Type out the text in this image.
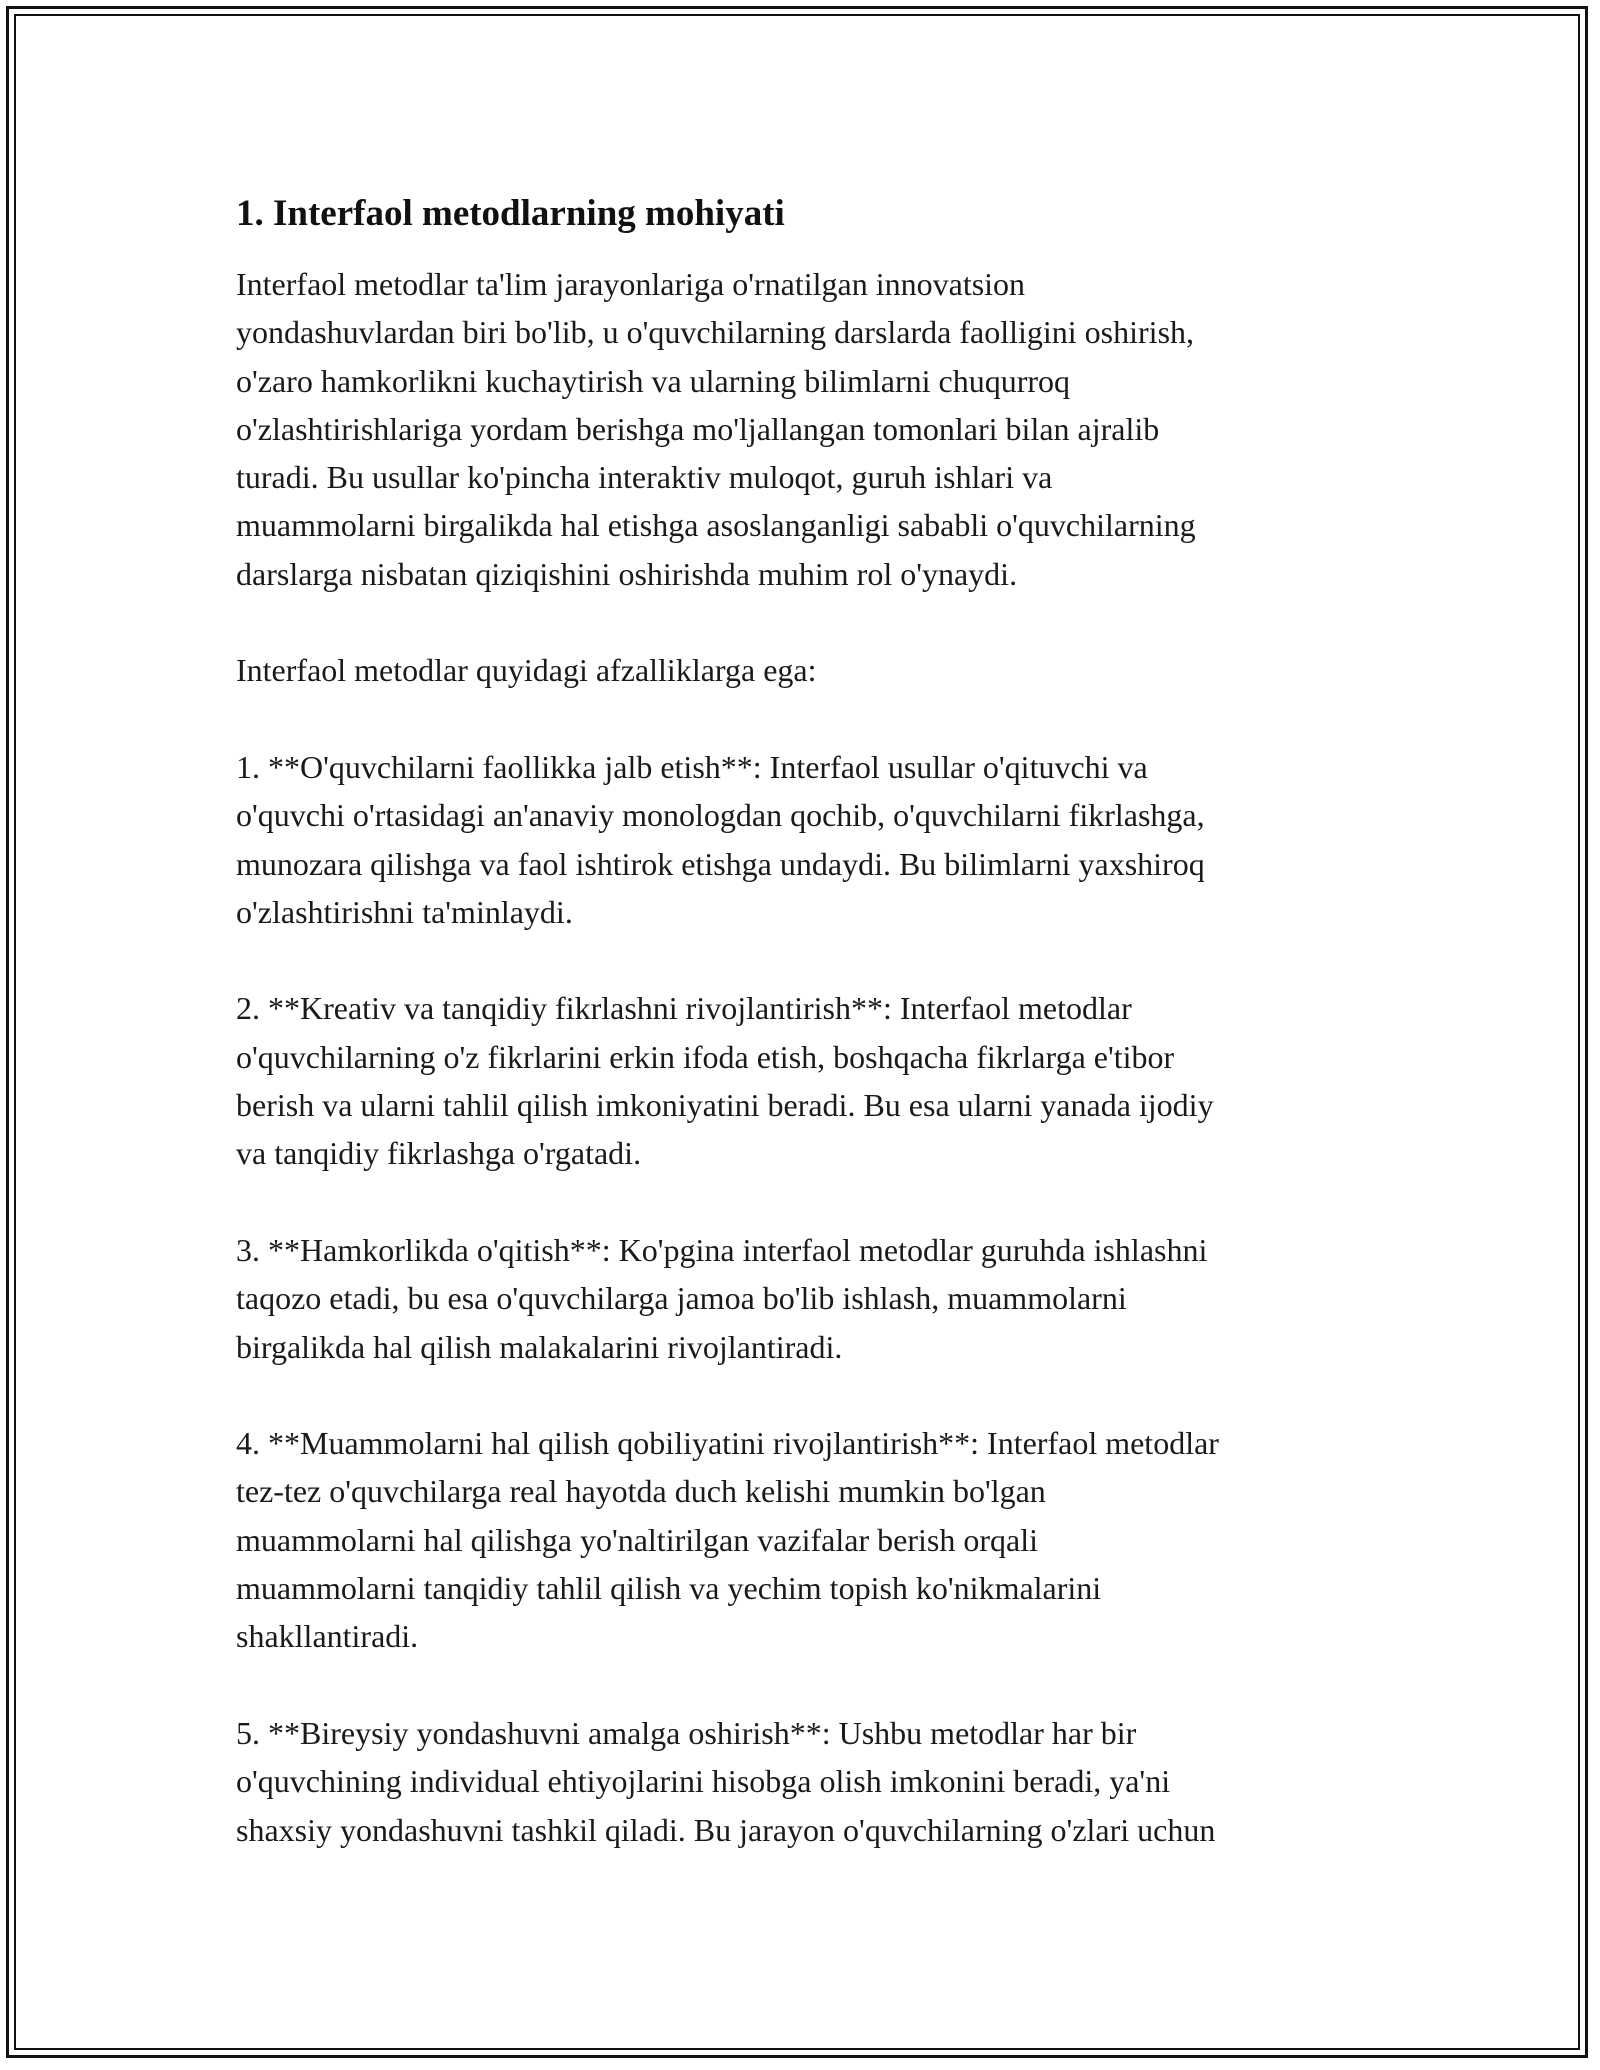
1. Interfaol metodlarning mohiyati

Interfaol metodlar ta'lim jarayonlariga o'rnatilgan innovatsion
yondashuvlardan biri bo'lib, u o'quvchilarning darslarda faolligini oshirish,
o'zaro hamkorlikni kuchaytirish va ularning bilimlarni chuqurroq
o'zlashtirishlariga yordam berishga mo'ljallangan tomonlari bilan ajralib
turadi. Bu usullar ko'pincha interaktiv muloqot, guruh ishlari va
muammolarni birgalikda hal etishga asoslanganligi sababli o'quvchilarning
darslarga nisbatan qiziqishini oshirishda muhim rol o'ynaydi.

Interfaol metodlar quyidagi afzalliklarga ega:

1. **O'quvchilarni faollikka jalb etish**: Interfaol usullar o'qituvchi va
o'quvchi o'rtasidagi an'anaviy monologdan qochib, o'quvchilarni fikrlashga,
munozara qilishga va faol ishtirok etishga undaydi. Bu bilimlarni yaxshiroq
o'zlashtirishni ta'minlaydi.

2. **Kreativ va tanqidiy fikrlashni rivojlantirish**: Interfaol metodlar
o'quvchilarning o'z fikrlarini erkin ifoda etish, boshqacha fikrlarga e'tibor
berish va ularni tahlil qilish imkoniyatini beradi. Bu esa ularni yanada ijodiy
va tanqidiy fikrlashga o'rgatadi.

3. **Hamkorlikda o'qitish**: Ko'pgina interfaol metodlar guruhda ishlashni
taqozo etadi, bu esa o'quvchilarga jamoa bo'lib ishlash, muammolarni
birgalikda hal qilish malakalarini rivojlantiradi.

4. **Muammolarni hal qilish qobiliyatini rivojlantirish**: Interfaol metodlar
tez-tez o'quvchilarga real hayotda duch kelishi mumkin bo'lgan
muammolarni hal qilishga yo'naltirilgan vazifalar berish orqali
muammolarni tanqidiy tahlil qilish va yechim topish ko'nikmalarini
shakllantiradi.

5. **Bireysiy yondashuvni amalga oshirish**: Ushbu metodlar har bir
o'quvchining individual ehtiyojlarini hisobga olish imkonini beradi, ya'ni
shaxsiy yondashuvni tashkil qiladi. Bu jarayon o'quvchilarning o'zlari uchun
